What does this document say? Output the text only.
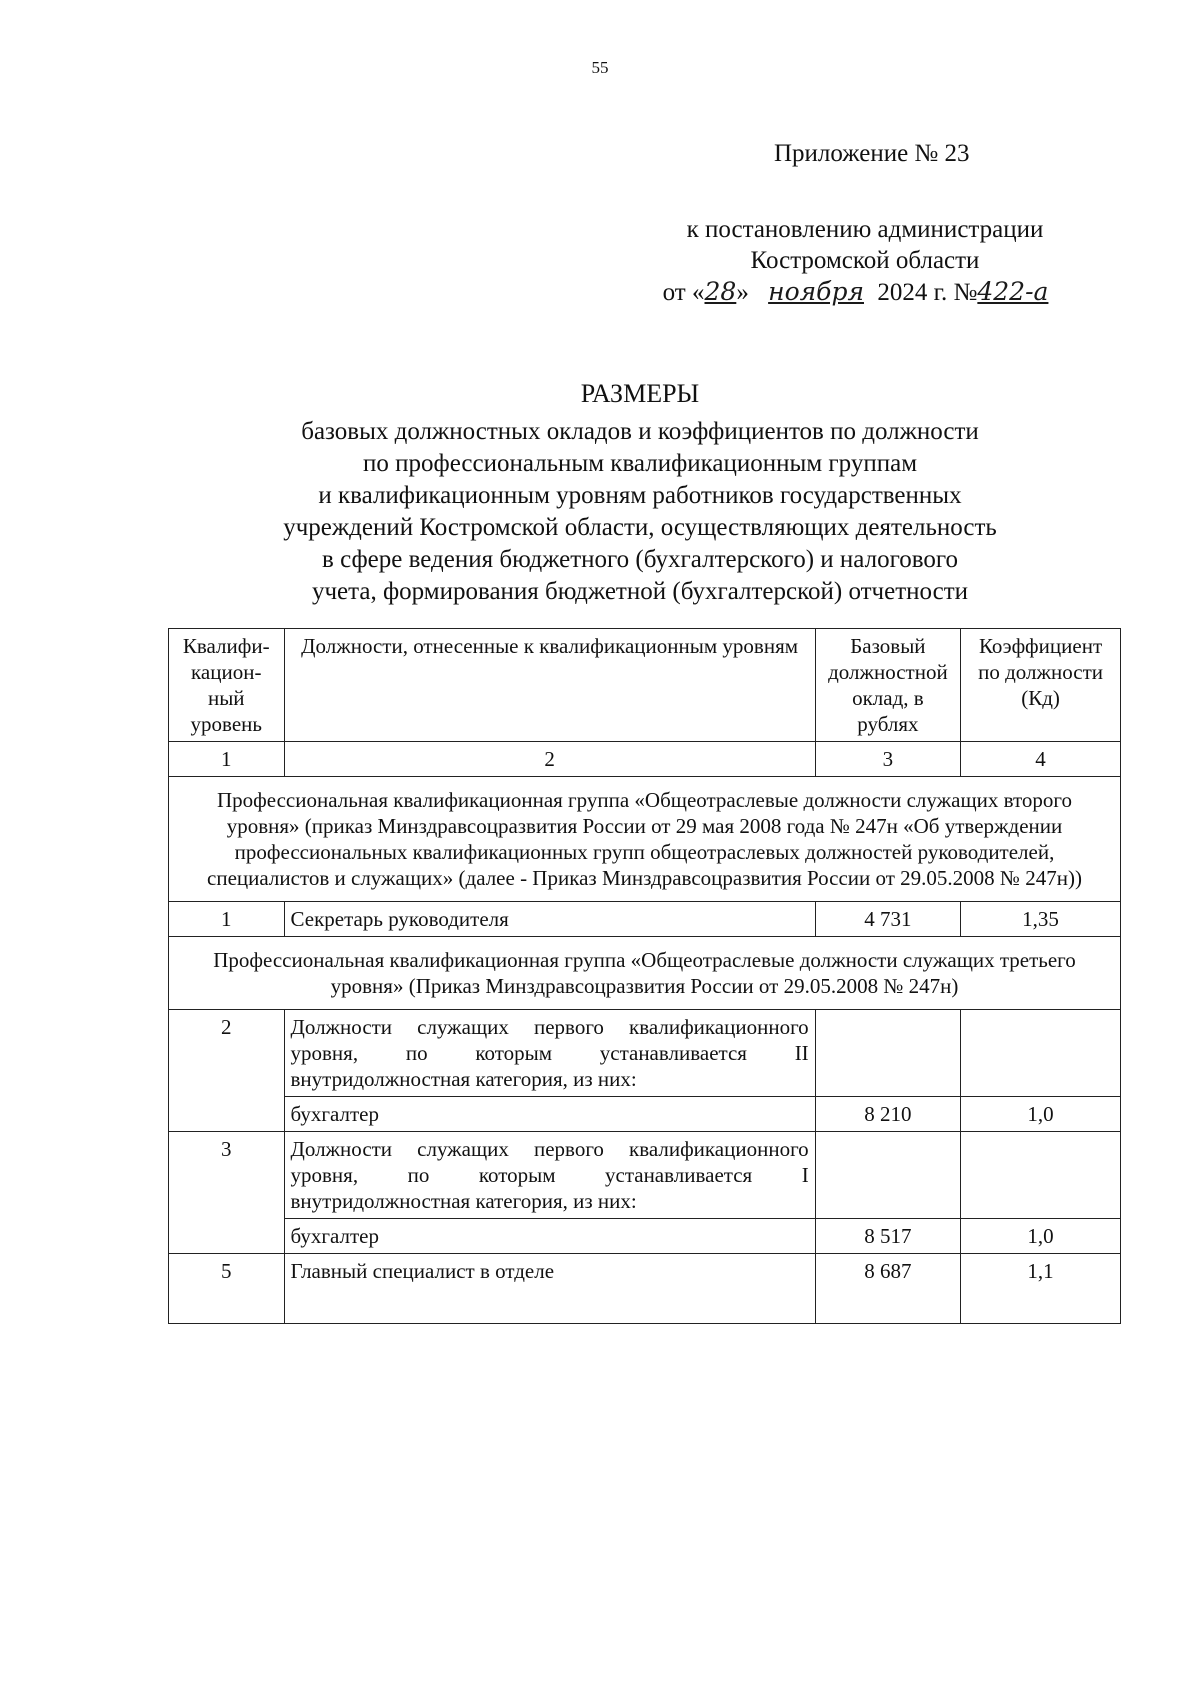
55
Приложение № 23
к постановлению администрации
Костромской области
от «28» ноября 2024 г. №422-а
РАЗМЕРЫ
базовых должностных окладов и коэффициентов по должности
по профессиональным квалификационным группам
и квалификационным уровням работников государственных
учреждений Костромской области, осуществляющих деятельность
в сфере ведения бюджетного (бухгалтерского) и налогового
учета, формирования бюджетной (бухгалтерской) отчетности
Квалифи-кацион-ный уровень	Должности, отнесенные к квалификационным уровням	Базовый должностной оклад, в рублях	Коэффициент по должности (Кд)
1	2	3	4
Профессиональная квалификационная группа «Общеотраслевые должности служащих второго уровня» (приказ Минздравсоцразвития России от 29 мая 2008 года № 247н «Об утверждении профессиональных квалификационных групп общеотраслевых должностей руководителей, специалистов и служащих» (далее - Приказ Минздравсоцразвития России от 29.05.2008 № 247н))			
1	Секретарь руководителя	4 731	1,35
Профессиональная квалификационная группа «Общеотраслевые должности служащих третьего уровня» (Приказ Минздравсоцразвития России от 29.05.2008 № 247н)			
2	Должности служащих первого квалификационного уровня, по которым устанавливается II внутридолжностная категория, из них:		
	бухгалтер	8 210	1,0
3	Должности служащих первого квалификационного уровня, по которым устанавливается I внутридолжностная категория, из них:		
	бухгалтер	8 517	1,0
5	Главный специалист в отделе	8 687	1,1
